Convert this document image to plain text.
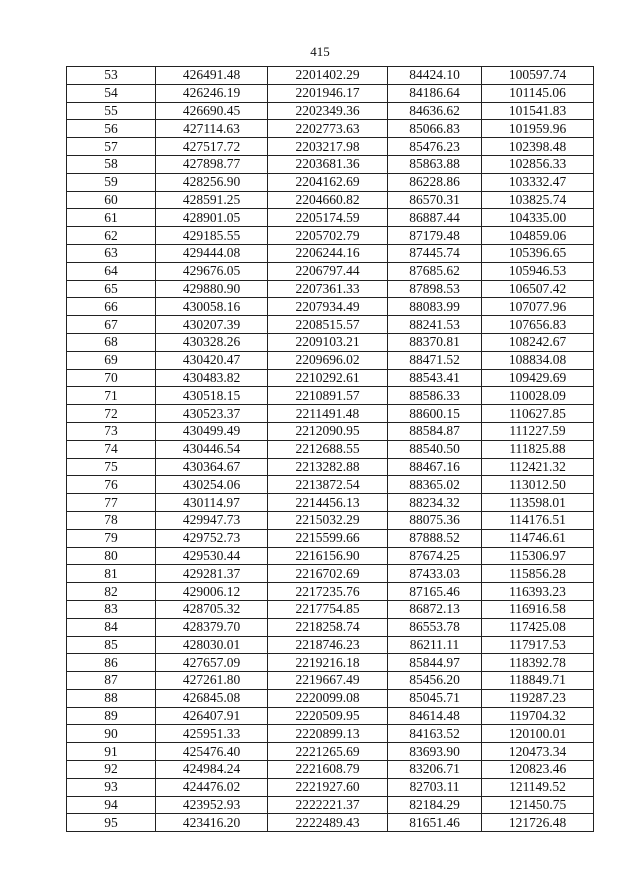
415
53	426491.48	2201402.29	84424.10	100597.74
54	426246.19	2201946.17	84186.64	101145.06
55	426690.45	2202349.36	84636.62	101541.83
56	427114.63	2202773.63	85066.83	101959.96
57	427517.72	2203217.98	85476.23	102398.48
58	427898.77	2203681.36	85863.88	102856.33
59	428256.90	2204162.69	86228.86	103332.47
60	428591.25	2204660.82	86570.31	103825.74
61	428901.05	2205174.59	86887.44	104335.00
62	429185.55	2205702.79	87179.48	104859.06
63	429444.08	2206244.16	87445.74	105396.65
64	429676.05	2206797.44	87685.62	105946.53
65	429880.90	2207361.33	87898.53	106507.42
66	430058.16	2207934.49	88083.99	107077.96
67	430207.39	2208515.57	88241.53	107656.83
68	430328.26	2209103.21	88370.81	108242.67
69	430420.47	2209696.02	88471.52	108834.08
70	430483.82	2210292.61	88543.41	109429.69
71	430518.15	2210891.57	88586.33	110028.09
72	430523.37	2211491.48	88600.15	110627.85
73	430499.49	2212090.95	88584.87	111227.59
74	430446.54	2212688.55	88540.50	111825.88
75	430364.67	2213282.88	88467.16	112421.32
76	430254.06	2213872.54	88365.02	113012.50
77	430114.97	2214456.13	88234.32	113598.01
78	429947.73	2215032.29	88075.36	114176.51
79	429752.73	2215599.66	87888.52	114746.61
80	429530.44	2216156.90	87674.25	115306.97
81	429281.37	2216702.69	87433.03	115856.28
82	429006.12	2217235.76	87165.46	116393.23
83	428705.32	2217754.85	86872.13	116916.58
84	428379.70	2218258.74	86553.78	117425.08
85	428030.01	2218746.23	86211.11	117917.53
86	427657.09	2219216.18	85844.97	118392.78
87	427261.80	2219667.49	85456.20	118849.71
88	426845.08	2220099.08	85045.71	119287.23
89	426407.91	2220509.95	84614.48	119704.32
90	425951.33	2220899.13	84163.52	120100.01
91	425476.40	2221265.69	83693.90	120473.34
92	424984.24	2221608.79	83206.71	120823.46
93	424476.02	2221927.60	82703.11	121149.52
94	423952.93	2222221.37	82184.29	121450.75
95	423416.20	2222489.43	81651.46	121726.48
